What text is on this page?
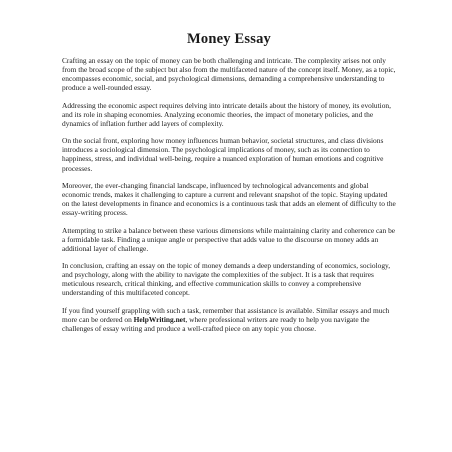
Money Essay

Crafting an essay on the topic of money can be both challenging and intricate. The complexity arises not only from the broad scope of the subject but also from the multifaceted nature of the concept itself. Money, as a topic, encompasses economic, social, and psychological dimensions, demanding a comprehensive understanding to produce a well-rounded essay.

Addressing the economic aspect requires delving into intricate details about the history of money, its evolution, and its role in shaping economies. Analyzing economic theories, the impact of monetary policies, and the dynamics of inflation further add layers of complexity.

On the social front, exploring how money influences human behavior, societal structures, and class divisions introduces a sociological dimension. The psychological implications of money, such as its connection to happiness, stress, and individual well-being, require a nuanced exploration of human emotions and cognitive processes.

Moreover, the ever-changing financial landscape, influenced by technological advancements and global economic trends, makes it challenging to capture a current and relevant snapshot of the topic. Staying updated on the latest developments in finance and economics is a continuous task that adds an element of difficulty to the essay-writing process.

Attempting to strike a balance between these various dimensions while maintaining clarity and coherence can be a formidable task. Finding a unique angle or perspective that adds value to the discourse on money adds an additional layer of challenge.

In conclusion, crafting an essay on the topic of money demands a deep understanding of economics, sociology, and psychology, along with the ability to navigate the complexities of the subject. It is a task that requires meticulous research, critical thinking, and effective communication skills to convey a comprehensive understanding of this multifaceted concept.

If you find yourself grappling with such a task, remember that assistance is available. Similar essays and much more can be ordered on HelpWriting.net, where professional writers are ready to help you navigate the challenges of essay writing and produce a well-crafted piece on any topic you choose.
